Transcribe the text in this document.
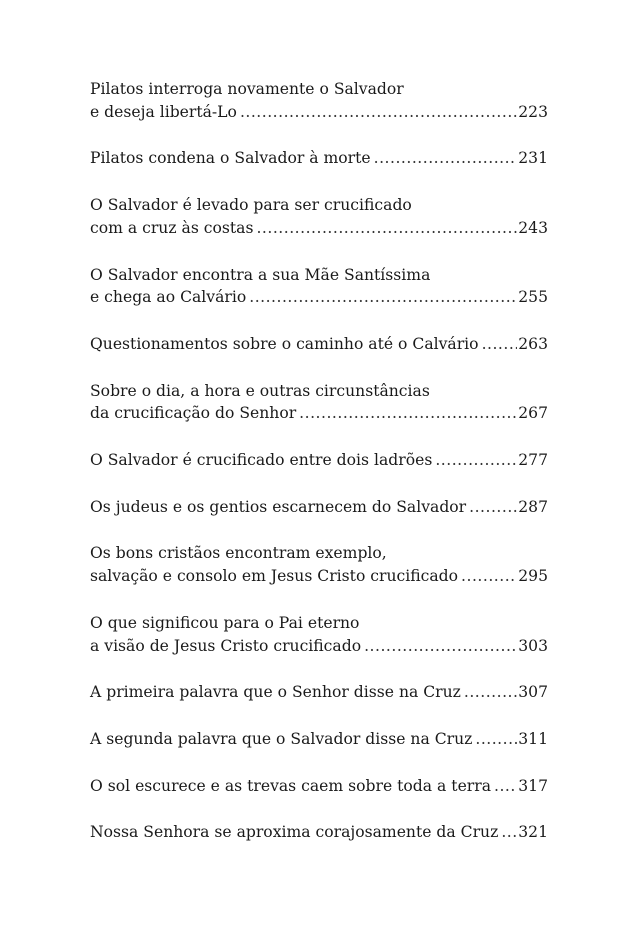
Pilatos interroga novamente o Salvador
e deseja libertá-Lo .....	223
Pilatos condena o Salvador à morte .....	231
O Salvador é levado para ser crucificado
com a cruz às costas .....	243
O Salvador encontra a sua Mãe Santíssima
e chega ao Calvário .....	255
Questionamentos sobre o caminho até o Calvário .....	263
Sobre o dia, a hora e outras circunstâncias
da crucificação do Senhor .....	267
O Salvador é crucificado entre dois ladrões .....	277
Os judeus e os gentios escarnecem do Salvador .....	287
Os bons cristãos encontram exemplo,
salvação e consolo em Jesus Cristo crucificado .....	295
O que significou para o Pai eterno
a visão de Jesus Cristo crucificado .....	303
A primeira palavra que o Senhor disse na Cruz .....	307
A segunda palavra que o Salvador disse na Cruz .....	311
O sol escurece e as trevas caem sobre toda a terra ..... 317
Nossa Senhora se aproxima corajosamente da Cruz ..... 321
